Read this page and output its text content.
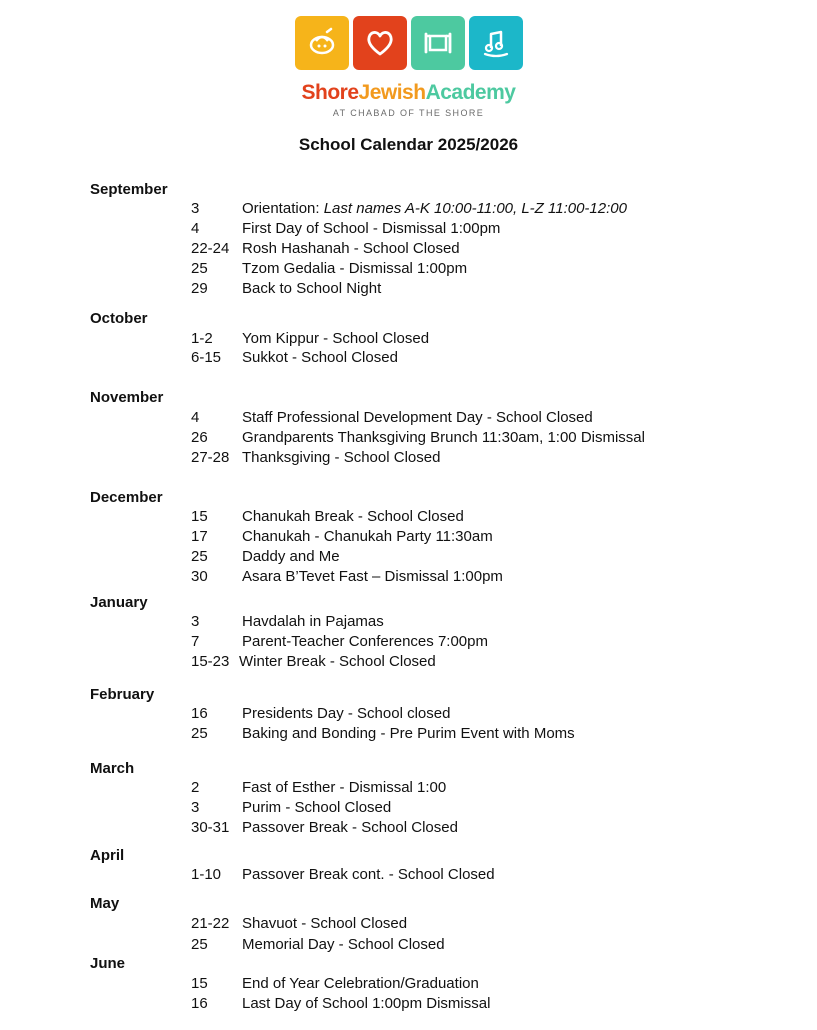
ShoreJewishAcademy
AT CHABAD OF THE SHORE
School Calendar 2025/2026
September
3	Orientation: Last names A-K 10:00-11:00, L-Z 11:00-12:00
4	First Day of School - Dismissal 1:00pm
22-24 Rosh Hashanah - School Closed
25 Tzom Gedalia - Dismissal 1:00pm
29 Back to School Night
October
1-2 Yom Kippur - School Closed
6-15 Sukkot - School Closed
November
4	Staff Professional Development Day - School Closed
26 Grandparents Thanksgiving Brunch 11:30am, 1:00 Dismissal
27-28 Thanksgiving - School Closed
December
15 Chanukah Break - School Closed
17 Chanukah - Chanukah Party 11:30am
25 Daddy and Me
30 Asara B’Tevet Fast – Dismissal 1:00pm
January
3	Havdalah in Pajamas
7	Parent-Teacher Conferences 7:00pm
15-23 Winter Break - School Closed
February
16 Presidents Day - School closed
25 Baking and Bonding - Pre Purim Event with Moms
March
2	Fast of Esther - Dismissal 1:00
3	Purim - School Closed
30-31 Passover Break - School Closed
April
1-10 Passover Break cont. - School Closed
May
21-22 Shavuot - School Closed
25 Memorial Day - School Closed
June
15 End of Year Celebration/Graduation
16 Last Day of School 1:00pm Dismissal
